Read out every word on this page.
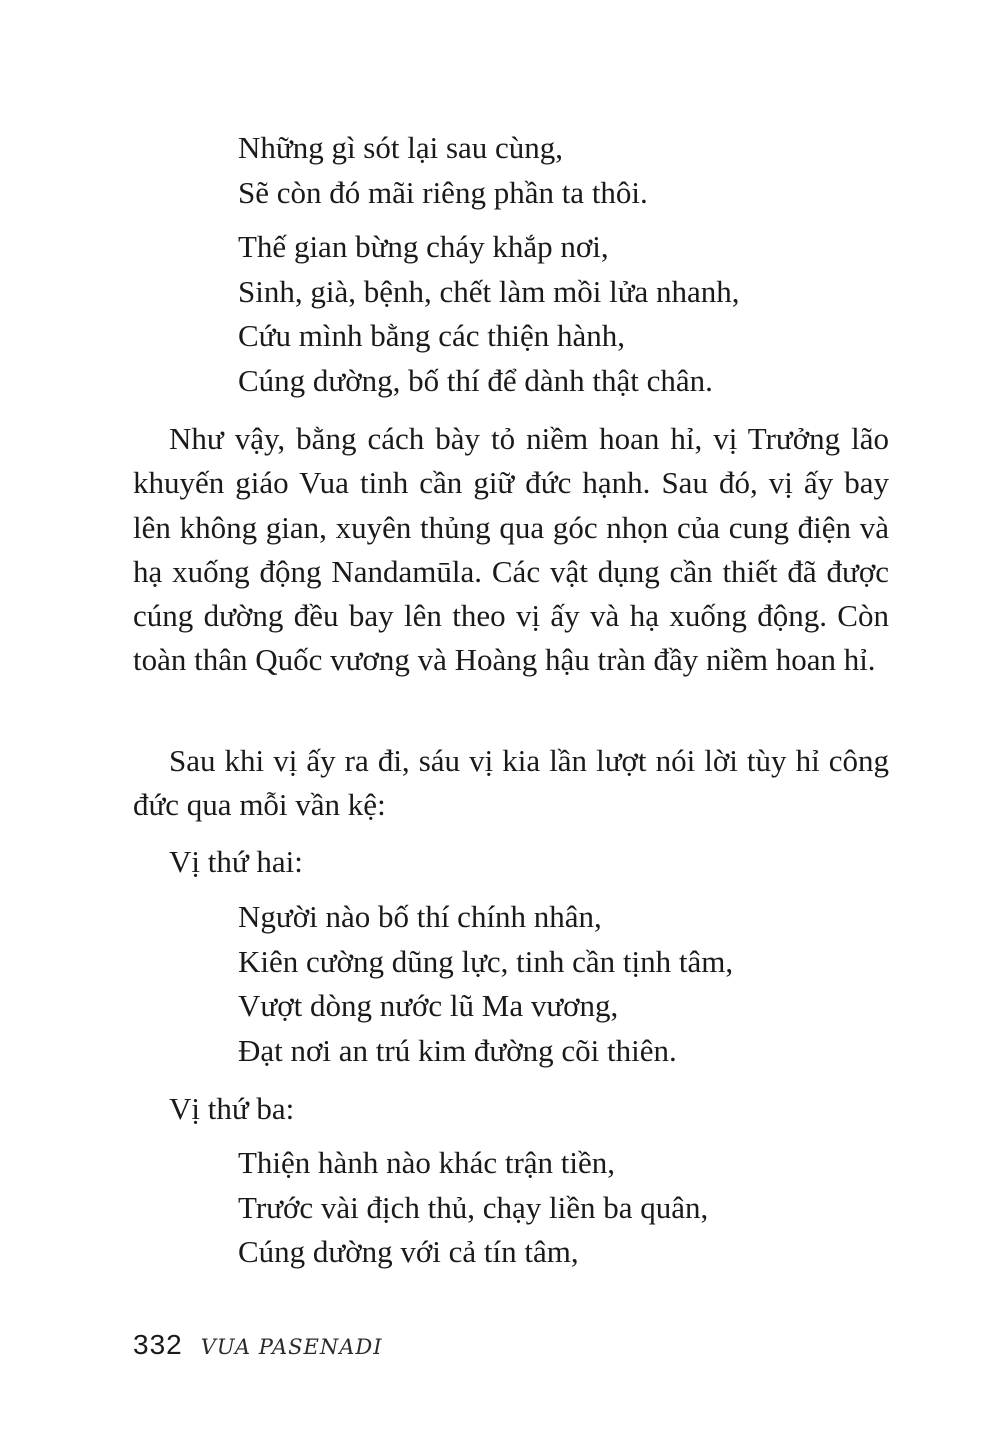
Những gì sót lại sau cùng,
Sẽ còn đó mãi riêng phần ta thôi.
Thế gian bừng cháy khắp nơi,
Sinh, già, bệnh, chết làm mồi lửa nhanh,
Cứu mình bằng các thiện hành,
Cúng dường, bố thí để dành thật chân.

Như vậy, bằng cách bày tỏ niềm hoan hỉ, vị Trưởng lão khuyến giáo Vua tinh cần giữ đức hạnh. Sau đó, vị ấy bay lên không gian, xuyên thủng qua góc nhọn của cung điện và hạ xuống động Nandamūla. Các vật dụng cần thiết đã được cúng dường đều bay lên theo vị ấy và hạ xuống động. Còn toàn thân Quốc vương và Hoàng hậu tràn đầy niềm hoan hỉ.

Sau khi vị ấy ra đi, sáu vị kia lần lượt nói lời tùy hỉ công đức qua mỗi vần kệ:

Vị thứ hai:

Người nào bố thí chính nhân,
Kiên cường dũng lực, tinh cần tịnh tâm,
Vượt dòng nước lũ Ma vương,
Đạt nơi an trú kim đường cõi thiên.

Vị thứ ba:

Thiện hành nào khác trận tiền,
Trước vài địch thủ, chạy liền ba quân,
Cúng dường với cả tín tâm,
332 VUA PASENADI
